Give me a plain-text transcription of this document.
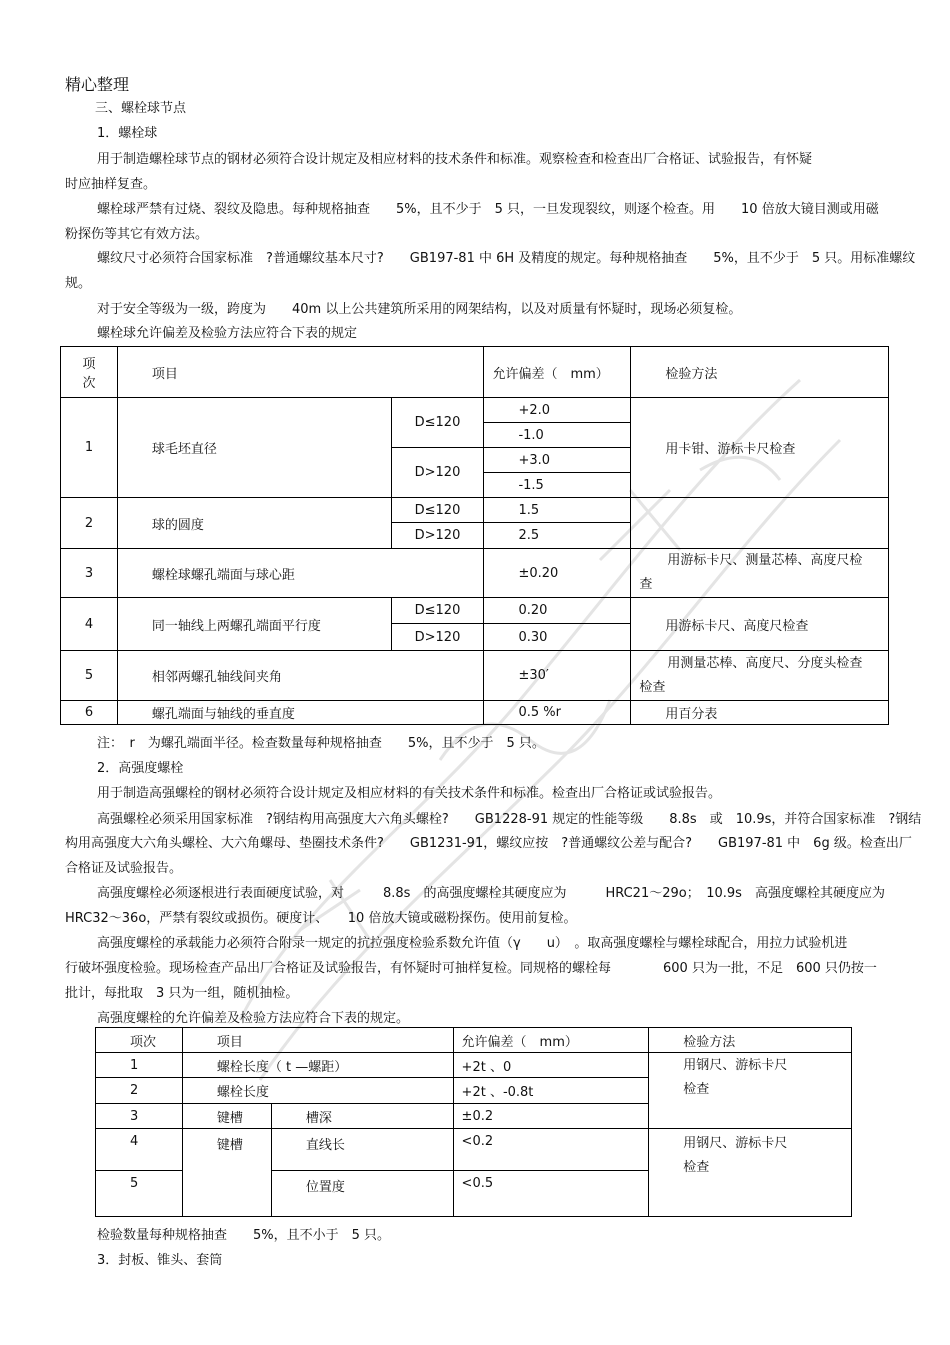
精心整理
三、螺栓球节点
1．螺栓球
用于制造螺栓球节点的钢材必须符合设计规定及相应材料的技术条件和标准。观察检查和检查出厂合格证、试验报告，有怀疑
时应抽样复查。
螺栓球严禁有过烧、裂纹及隐患。每种规格抽查　　5%，且不少于　5 只，一旦发现裂纹，则逐个检查。用　　10 倍放大镜目测或用磁
粉探伤等其它有效方法。
螺纹尺寸必须符合国家标准　?普通螺纹基本尺寸?　　GB197-81 中 6H 及精度的规定。每种规格抽查　　5%，且不少于　5 只。用标准螺纹
规。
对于安全等级为一级，跨度为　　40m 以上公共建筑所采用的网架结构，以及对质量有怀疑时，现场必须复检。
螺栓球允许偏差及检验方法应符合下表的规定
项
次	项目		允许偏差（　mm）	检验方法
1	球毛坯直径	D≤120	+2.0	用卡钳、游标卡尺检查
			-1.0	
		D>120	+3.0	
			-1.5	
2	球的圆度	D≤120	1.5	
		D>120	2.5	
3	螺栓球螺孔端面与球心距		±0.20	用游标卡尺、测量芯棒、高度尺检
查

4	同一轴线上两螺孔端面平行度	D≤120	0.20	用游标卡尺、高度尺检查
		D>120	0.30	
5	相邻两螺孔轴线间夹角		±30′	用测量芯棒、高度尺、分度头检查
检查

6	螺孔端面与轴线的垂直度		0.5 %r	用百分表
注：　r　为螺孔端面半径。检查数量每种规格抽查　　5%，且不少于　5 只。
2．高强度螺栓
用于制造高强螺栓的钢材必须符合设计规定及相应材料的有关技术条件和标准。检查出厂合格证或试验报告。
高强螺栓必须采用国家标准　?钢结构用高强度大六角头螺栓?　　GB1228-91 规定的性能等级　　8.8s　或　10.9s，并符合国家标准　?钢结
构用高强度大六角头螺栓、大六角螺母、垫圈技术条件?　　GB1231-91，螺纹应按　?普通螺纹公差与配合?　　GB197-81 中　6g 级。检查出厂
合格证及试验报告。
高强度螺栓必须逐根进行表面硬度试验，对　　　8.8s　的高强度螺栓其硬度应为　　　HRC21～29o；　10.9s　高强度螺栓其硬度应为
HRC32～36o，严禁有裂纹或损伤。硬度计、　　10 倍放大镜或磁粉探伤。使用前复检。
高强度螺栓的承载能力必须符合附录一规定的抗拉强度检验系数允许值（γ　　u）　。取高强度螺栓与螺栓球配合，用拉力试验机进
行破坏强度检验。现场检查产品出厂合格证及试验报告，有怀疑时可抽样复检。同规格的螺栓每　　　　600 只为一批，不足　600 只仍按一
批计，每批取　3 只为一组，随机抽检。
高强度螺栓的允许偏差及检验方法应符合下表的规定。
项次	项目		允许偏差（　mm）	检验方法
1	螺栓长度（ t —螺距）		+2t 、0	用钢尺、游标卡尺
检查

2	螺栓长度		+2t 、-0.8t	
3	键槽	槽深	±0.2	
4	键槽	直线长	<0.2	用钢尺、游标卡尺
检查

5		位置度	<0.5	
检验数量每种规格抽查　　5%，且不小于　5 只。
3．封板、锥头、套筒
